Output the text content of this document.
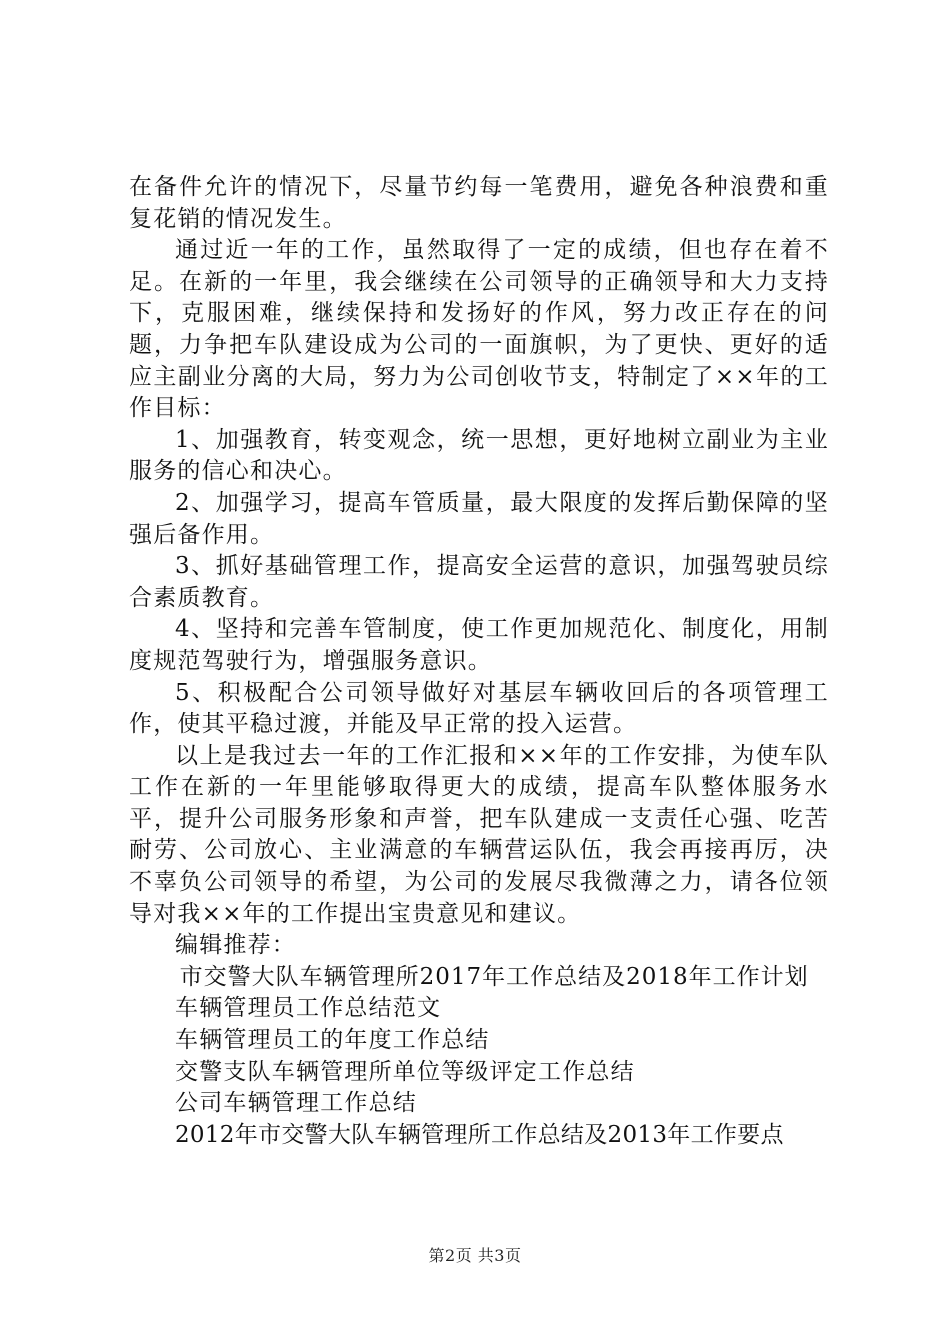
在备件允许的情况下，尽量节约每一笔费用，避免各种浪费和重复花销的情况发生。

通过近一年的工作，虽然取得了一定的成绩，但也存在着不足。在新的一年里，我会继续在公司领导的正确领导和大力支持下，克服困难，继续保持和发扬好的作风，努力改正存在的问题，力争把车队建设成为公司的一面旗帜，为了更快、更好的适应主副业分离的大局，努力为公司创收节支，特制定了××年的工作目标：

1、加强教育，转变观念，统一思想，更好地树立副业为主业服务的信心和决心。

2、加强学习，提高车管质量，最大限度的发挥后勤保障的坚强后备作用。

3、抓好基础管理工作，提高安全运营的意识，加强驾驶员综合素质教育。

4、坚持和完善车管制度，使工作更加规范化、制度化，用制度规范驾驶行为，增强服务意识。

5、积极配合公司领导做好对基层车辆收回后的各项管理工作，使其平稳过渡，并能及早正常的投入运营。

以上是我过去一年的工作汇报和××年的工作安排，为使车队工作在新的一年里能够取得更大的成绩，提高车队整体服务水平，提升公司服务形象和声誉，把车队建成一支责任心强、吃苦耐劳、公司放心、主业满意的车辆营运队伍，我会再接再厉，决不辜负公司领导的希望，为公司的发展尽我微薄之力，请各位领导对我××年的工作提出宝贵意见和建议。

编辑推荐：

市交警大队车辆管理所2017年工作总结及2018年工作计划
车辆管理员工作总结范文
车辆管理员工的年度工作总结
交警支队车辆管理所单位等级评定工作总结
公司车辆管理工作总结
2012年市交警大队车辆管理所工作总结及2013年工作要点
第2页 共3页
